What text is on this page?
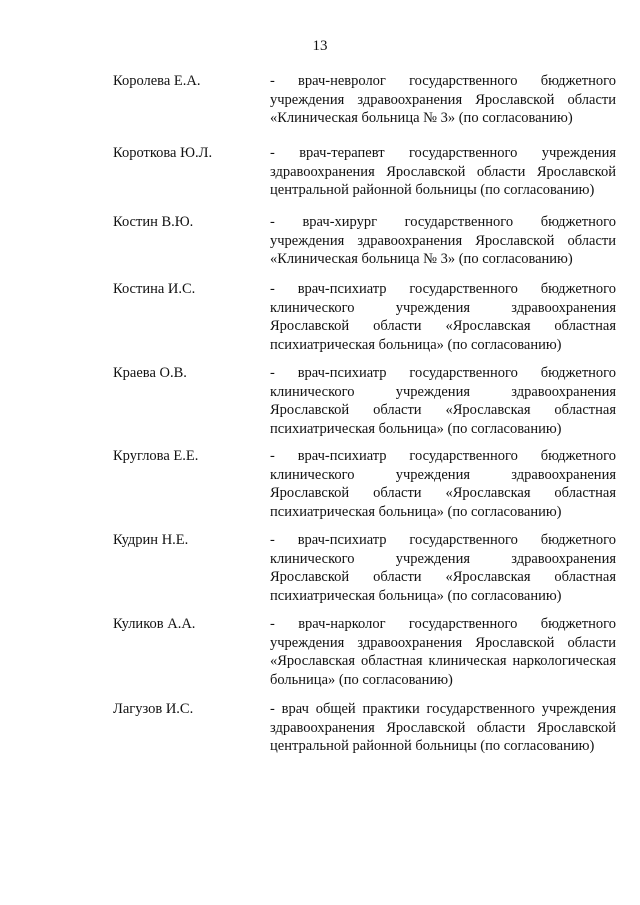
13
Королева Е.А.	- врач-невролог государственного бюджетного учреждения здравоохранения Ярославской области «Клиническая больница № 3» (по согласованию)
Короткова Ю.Л.	- врач-терапевт государственного учреждения здравоохранения Ярославской области Ярославской центральной районной больницы (по согласованию)
Костин В.Ю.	- врач-хирург государственного бюджетного учреждения здравоохранения Ярославской области «Клиническая больница № 3» (по согласованию)
Костина И.С.	- врач-психиатр государственного бюджетного клинического учреждения здравоохранения Ярославской области «Ярославская областная психиатрическая больница» (по согласованию)
Краева О.В.	- врач-психиатр государственного бюджетного клинического учреждения здравоохранения Ярославской области «Ярославская областная психиатрическая больница» (по согласованию)
Круглова Е.Е.	- врач-психиатр государственного бюджетного клинического учреждения здравоохранения Ярославской области «Ярославская областная психиатрическая больница» (по согласованию)
Кудрин Н.Е.	- врач-психиатр государственного бюджетного клинического учреждения здравоохранения Ярославской области «Ярославская областная психиатрическая больница» (по согласованию)
Куликов А.А.	- врач-нарколог государственного бюджетного учреждения здравоохранения Ярославской области «Ярославская областная клиническая наркологическая больница» (по согласованию)
Лагузов И.С.	- врач общей практики государственного учреждения здравоохранения Ярославской области Ярославской центральной районной больницы (по согласованию)
